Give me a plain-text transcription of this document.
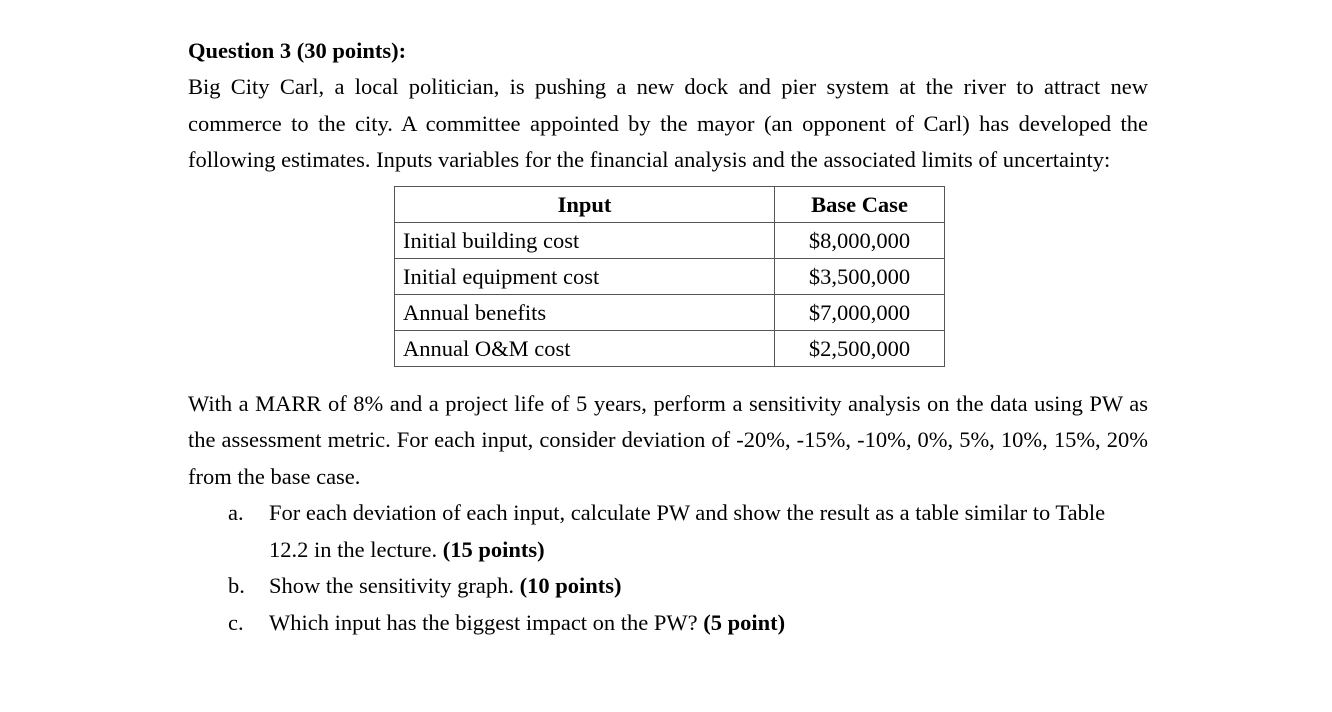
Question 3 (30 points):

Big City Carl, a local politician, is pushing a new dock and pier system at the river to attract new commerce to the city. A committee appointed by the mayor (an opponent of Carl) has developed the following estimates. Inputs variables for the financial analysis and the associated limits of uncertainty:

Input	Base Case
Initial building cost	$8,000,000
Initial equipment cost	$3,500,000
Annual benefits	$7,000,000
Annual O&M cost	$2,500,000

With a MARR of 8% and a project life of 5 years, perform a sensitivity analysis on the data using PW as the assessment metric. For each input, consider deviation of -20%, -15%, -10%, 0%, 5%, 10%, 15%, 20% from the base case.

a. For each deviation of each input, calculate PW and show the result as a table similar to Table 12.2 in the lecture. (15 points)
b. Show the sensitivity graph. (10 points)
c. Which input has the biggest impact on the PW? (5 point)
